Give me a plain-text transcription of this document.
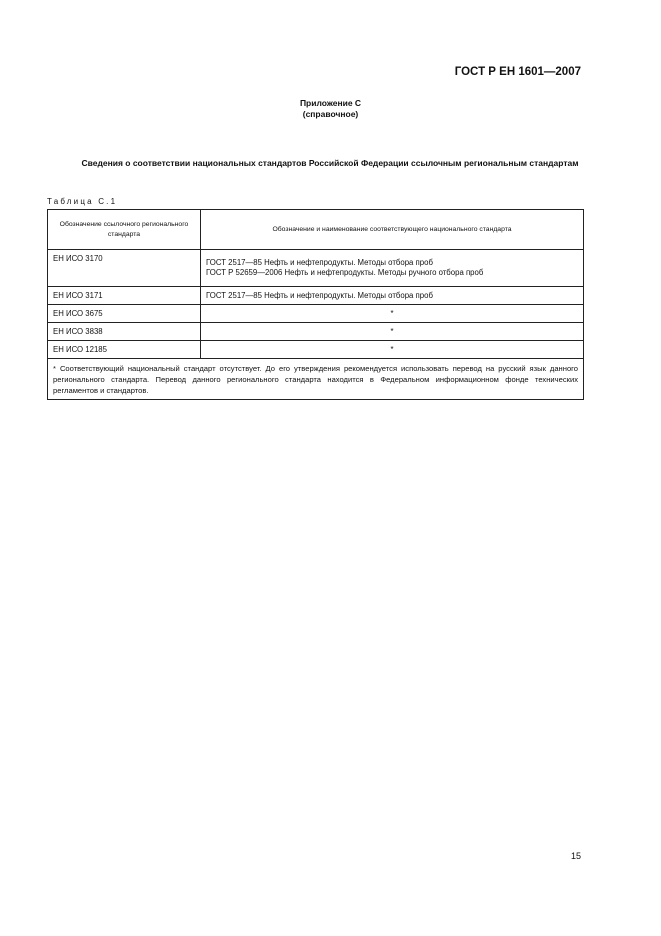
ГОСТ Р ЕН 1601—2007
Приложение С
(справочное)
Сведения о соответствии национальных стандартов Российской Федерации ссылочным региональным стандартам
Таблица С.1
Обозначение ссылочного регионального стандарта	Обозначение и наименование соответствующего национального стандарта
ЕН ИСО 3170	ГОСТ 2517—85 Нефть и нефтепродукты. Методы отбора проб
ГОСТ Р 52659—2006 Нефть и нефтепродукты. Методы ручного отбора проб

ЕН ИСО 3171	ГОСТ 2517—85 Нефть и нефтепродукты. Методы отбора проб
ЕН ИСО 3675	*
ЕН ИСО 3838	*
ЕН ИСО 12185	*
* Соответствующий национальный стандарт отсутствует. До его утверждения рекомендуется использовать перевод на русский язык данного регионального стандарта. Перевод данного регионального стандарта находится в Федеральном информационном фонде технических регламентов и стандартов.	
15
